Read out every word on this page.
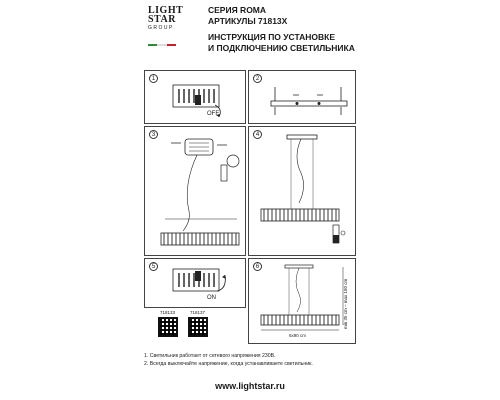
LIGHT
STAR
GROUP
СЕРИЯ ROMA
АРТИКУЛЫ 71813X
ИНСТРУКЦИЯ ПО УСТАНОВКЕ
И ПОДКЛЮЧЕНИЮ СВЕТИЛЬНИКА
1
OFF
2
3	4
5
ON
6
min 35 cm – max 160 cm
6х90 cm
718133	718137
1. Светильник работает от сетевого напряжения 230В.
2. Всегда выключайте напряжение, когда устанавливаете светильник.
www.lightstar.ru
